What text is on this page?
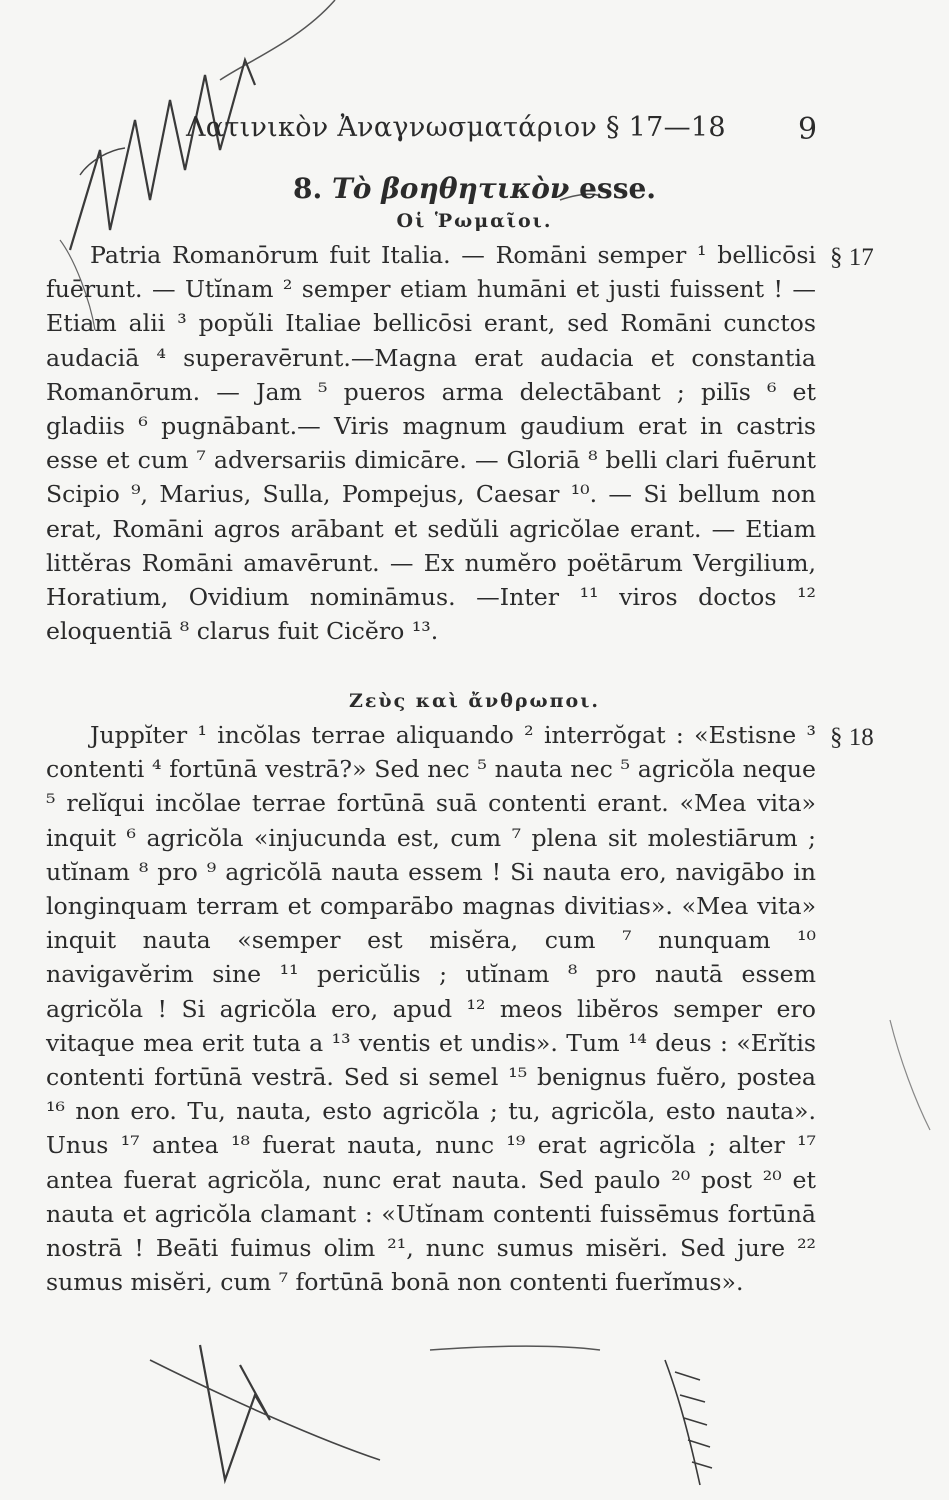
Λατινικὸν Ἀναγνωσματάριον § 17—18	9
8. Τὸ βοηθητικὸν esse.
Οἱ Ῥωμαῖοι.
§ 17
Patria Romanōrum fuit Italia. — Romāni semper ¹ bellicōsi fuērunt. — Utĭnam ² semper etiam humāni et justi fuissent ! — Etiam alii ³ popŭli Italiae bellicōsi erant, sed Romāni cunctos audaciā ⁴ superavērunt.—Magna erat audacia et constantia Romanōrum. — Jam ⁵ pueros arma delectābant ; pilīs ⁶ et gladiis ⁶ pugnābant.— Viris magnum gaudium erat in castris esse et cum ⁷ adversariis dimicāre. — Gloriā ⁸ belli clari fuērunt Scipio ⁹, Marius, Sulla, Pompejus, Caesar ¹⁰. — Si bellum non erat, Romāni agros arābant et sedŭli agricŏlae erant. — Etiam littĕras Romāni amavērunt. — Ex numĕro poëtārum Vergilium, Horatium, Ovidium nomināmus. —Inter ¹¹ viros doctos ¹² eloquentiā ⁸ clarus fuit Cicĕro ¹³.
Ζεὺς καὶ ἄνθρωποι.
§ 18
Juppĭter ¹ incŏlas terrae aliquando ² interrŏgat : «Estisne ³ contenti ⁴ fortūnā vestrā?» Sed nec ⁵ nauta nec ⁵ agricŏla neque ⁵ relĭqui incŏlae terrae fortūnā suā contenti erant. «Mea vita» inquit ⁶ agricŏla «injucunda est, cum ⁷ plena sit molestiārum ; utĭnam ⁸ pro ⁹ agricŏlā nauta essem ! Si nauta ero, navigābo in longinquam terram et comparābo magnas divitias». «Mea vita» inquit nauta «semper est misĕra, cum ⁷ nunquam ¹⁰ navigavĕrim sine ¹¹ pericŭlis ; utĭnam ⁸ pro nautā essem agricŏla ! Si agricŏla ero, apud ¹² meos libĕros semper ero vitaque mea erit tuta a ¹³ ventis et undis». Tum ¹⁴ deus : «Erĭtis contenti fortūnā vestrā. Sed si semel ¹⁵ benignus fuĕro, postea ¹⁶ non ero. Tu, nauta, esto agricŏla ; tu, agricŏla, esto nauta». Unus ¹⁷ antea ¹⁸ fuerat nauta, nunc ¹⁹ erat agricŏla ; alter ¹⁷ antea fuerat agricŏla, nunc erat nauta. Sed paulo ²⁰ post ²⁰ et nauta et agricŏla clamant : «Utĭnam contenti fuissēmus fortūnā nostrā ! Beāti fuimus olim ²¹, nunc sumus misĕri. Sed jure ²² sumus misĕri, cum ⁷ fortūnā bonā non contenti fuerĭmus».
